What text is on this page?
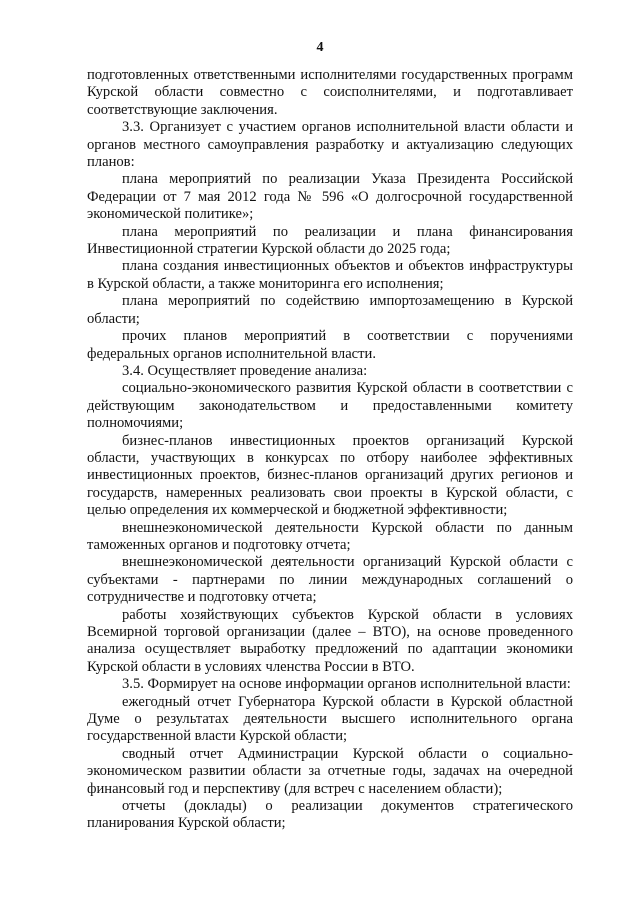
4

подготовленных ответственными исполнителями государственных программ Курской области совместно с соисполнителями, и подготавливает соответствующие заключения.

3.3. Организует с участием органов исполнительной власти области и органов местного самоуправления разработку и актуализацию следующих планов:

плана мероприятий по реализации Указа Президента Российской Федерации от 7 мая 2012 года № 596 «О долгосрочной государственной экономической политике»;

плана мероприятий по реализации и плана финансирования Инвестиционной стратегии Курской области до 2025 года;

плана создания инвестиционных объектов и объектов инфраструктуры в Курской области, а также мониторинга его исполнения;

плана мероприятий по содействию импортозамещению в Курской области;

прочих планов мероприятий в соответствии с поручениями федеральных органов исполнительной власти.

3.4. Осуществляет проведение анализа:

социально-экономического развития Курской области в соответствии с действующим законодательством и предоставленными комитету полномочиями;

бизнес-планов инвестиционных проектов организаций Курской области, участвующих в конкурсах по отбору наиболее эффективных инвестиционных проектов, бизнес-планов организаций других регионов и государств, намеренных реализовать свои проекты в Курской области, с целью определения их коммерческой и бюджетной эффективности;

внешнеэкономической деятельности Курской области по данным таможенных органов и подготовку отчета;

внешнеэкономической деятельности организаций Курской области с субъектами - партнерами по линии международных соглашений о сотрудничестве и подготовку отчета;

работы хозяйствующих субъектов Курской области в условиях Всемирной торговой организации (далее – ВТО), на основе проведенного анализа осуществляет выработку предложений по адаптации экономики Курской области в условиях членства России в ВТО.

3.5. Формирует на основе информации органов исполнительной власти:

ежегодный отчет Губернатора Курской области в Курской областной Думе о результатах деятельности высшего исполнительного органа государственной власти Курской области;

сводный отчет Администрации Курской области о социально-экономическом развитии области за отчетные годы, задачах на очередной финансовый год и перспективу (для встреч с населением области);

отчеты (доклады) о реализации документов стратегического планирования Курской области;
